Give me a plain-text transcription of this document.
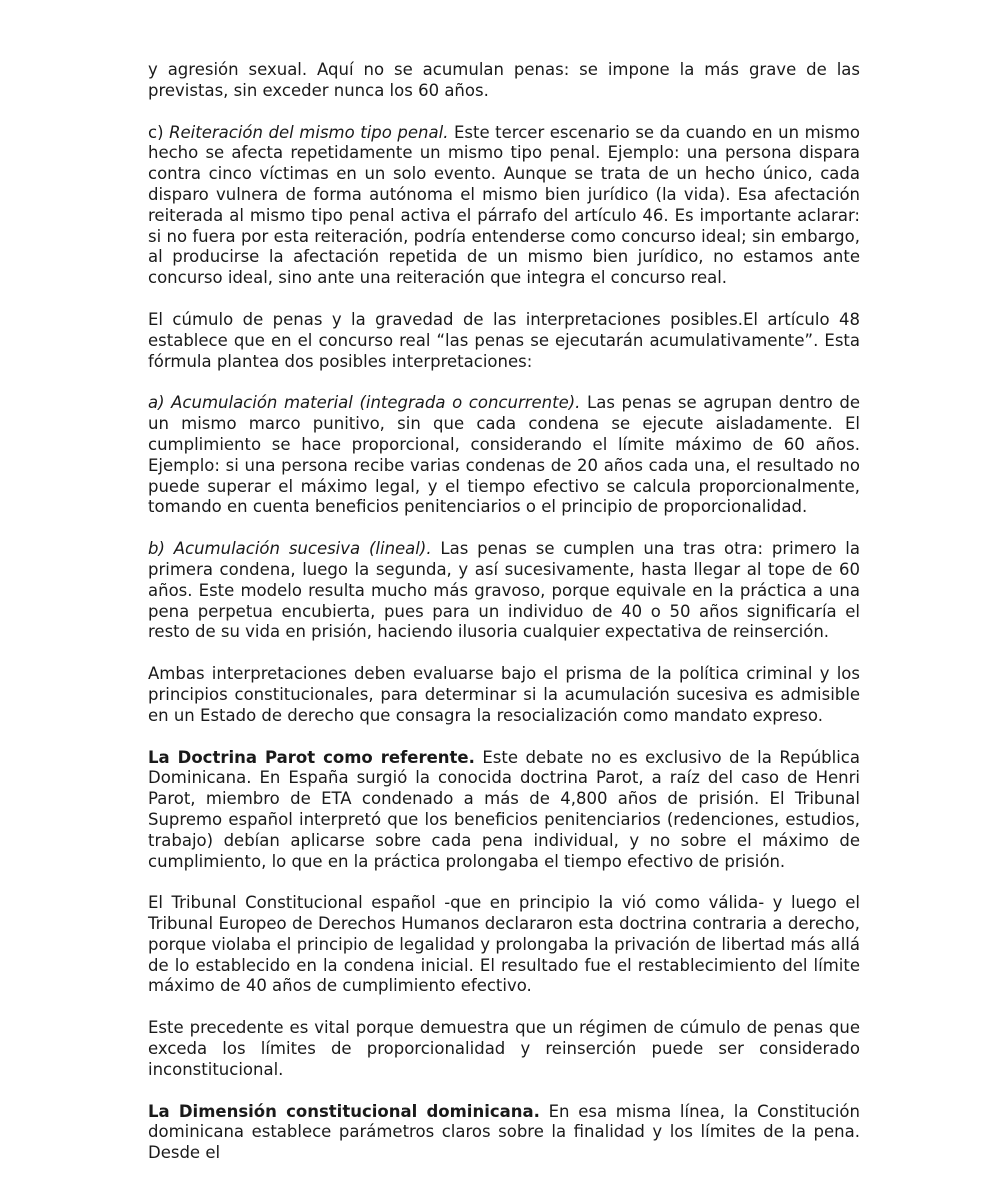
y agresión sexual. Aquí no se acumulan penas: se impone la más grave de las previstas, sin exceder nunca los 60 años.

c) Reiteración del mismo tipo penal. Este tercer escenario se da cuando en un mismo hecho se afecta repetidamente un mismo tipo penal. Ejemplo: una persona dispara contra cinco víctimas en un solo evento. Aunque se trata de un hecho único, cada disparo vulnera de forma autónoma el mismo bien jurídico (la vida). Esa afectación reiterada al mismo tipo penal activa el párrafo del artículo 46. Es importante aclarar: si no fuera por esta reiteración, podría entenderse como concurso ideal; sin embargo, al producirse la afectación repetida de un mismo bien jurídico, no estamos ante concurso ideal, sino ante una reiteración que integra el concurso real.

El cúmulo de penas y la gravedad de las interpretaciones posibles.El artículo 48 establece que en el concurso real “las penas se ejecutarán acumulativamente”. Esta fórmula plantea dos posibles interpretaciones:

a) Acumulación material (integrada o concurrente). Las penas se agrupan dentro de un mismo marco punitivo, sin que cada condena se ejecute aisladamente. El cumplimiento se hace proporcional, considerando el límite máximo de 60 años. Ejemplo: si una persona recibe varias condenas de 20 años cada una, el resultado no puede superar el máximo legal, y el tiempo efectivo se calcula proporcionalmente, tomando en cuenta beneficios penitenciarios o el principio de proporcionalidad.

b) Acumulación sucesiva (lineal). Las penas se cumplen una tras otra: primero la primera condena, luego la segunda, y así sucesivamente, hasta llegar al tope de 60 años. Este modelo resulta mucho más gravoso, porque equivale en la práctica a una pena perpetua encubierta, pues para un individuo de 40 o 50 años significaría el resto de su vida en prisión, haciendo ilusoria cualquier expectativa de reinserción.

Ambas interpretaciones deben evaluarse bajo el prisma de la política criminal y los principios constitucionales, para determinar si la acumulación sucesiva es admisible en un Estado de derecho que consagra la resocialización como mandato expreso.

La Doctrina Parot como referente. Este debate no es exclusivo de la República Dominicana. En España surgió la conocida doctrina Parot, a raíz del caso de Henri Parot, miembro de ETA condenado a más de 4,800 años de prisión. El Tribunal Supremo español interpretó que los beneficios penitenciarios (redenciones, estudios, trabajo) debían aplicarse sobre cada pena individual, y no sobre el máximo de cumplimiento, lo que en la práctica prolongaba el tiempo efectivo de prisión.

El Tribunal Constitucional español -que en principio la vió como válida- y luego el Tribunal Europeo de Derechos Humanos declararon esta doctrina contraria a derecho, porque violaba el principio de legalidad y prolongaba la privación de libertad más allá de lo establecido en la condena inicial. El resultado fue el restablecimiento del límite máximo de 40 años de cumplimiento efectivo.

Este precedente es vital porque demuestra que un régimen de cúmulo de penas que exceda los límites de proporcionalidad y reinserción puede ser considerado inconstitucional.

La Dimensión constitucional dominicana. En esa misma línea, la Constitución dominicana establece parámetros claros sobre la finalidad y los límites de la pena. Desde el
